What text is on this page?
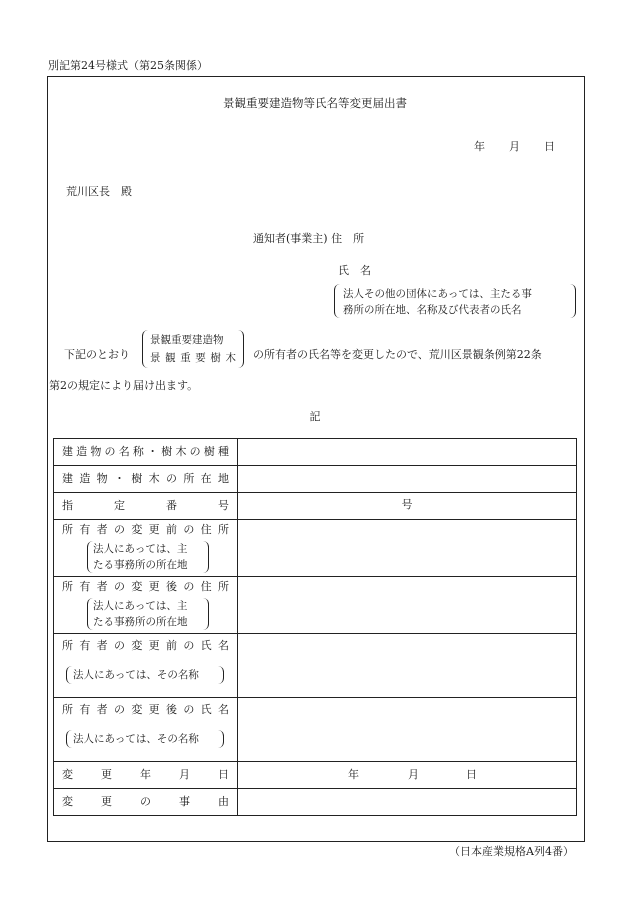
別記第24号様式（第25条関係）
景観重要建造物等氏名等変更届出書
年 月 日
荒川区長　殿
通知者(事業主) 住　所
氏　名
法人その他の団体にあっては、主たる事
務所の所在地、名称及び代表者の氏名
下記のとおり
景観重要建造物
景観重要樹木 の所有者の氏名等を変更したので、荒川区景観条例第22条
第2の規定により届け出ます。
記
建造物の名称・樹木の樹種	

建造物・樹木の所在地	

指定番号	号

所有者の変更前の住所
法人にあっては、主
たる事務所の所在地	

所有者の変更後の住所
法人にあっては、主
たる事務所の所在地	

所有者の変更前の氏名
法人にあっては、その名称	

所有者の変更後の氏名
法人にあっては、その名称	

変更年月日	年 月 日

変更の事由	

（日本産業規格A列4番）
